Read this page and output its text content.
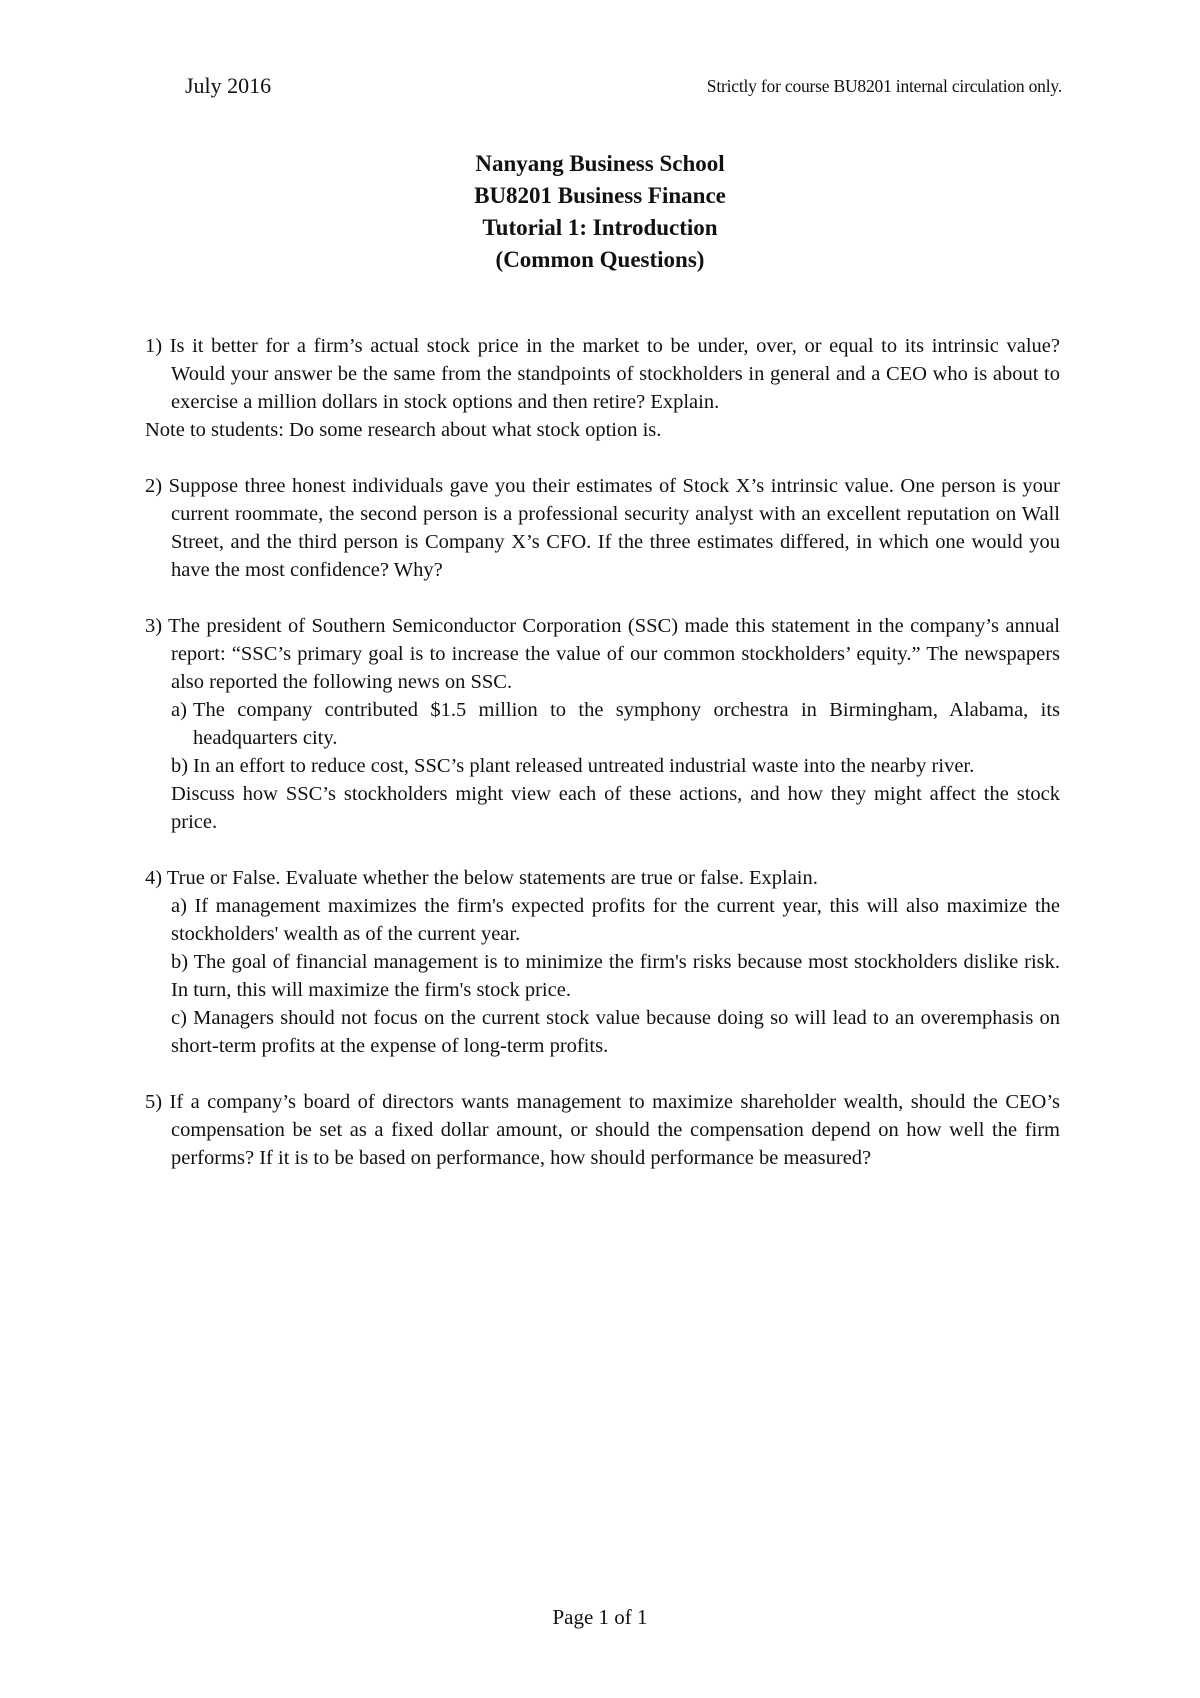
July 2016	Strictly for course BU8201 internal circulation only.
Nanyang Business School
BU8201 Business Finance
Tutorial 1: Introduction
(Common Questions)

1) Is it better for a firm’s actual stock price in the market to be under, over, or equal to its intrinsic value? Would your answer be the same from the standpoints of stockholders in general and a CEO who is about to exercise a million dollars in stock options and then retire? Explain.

Note to students: Do some research about what stock option is.

2) Suppose three honest individuals gave you their estimates of Stock X’s intrinsic value. One person is your current roommate, the second person is a professional security analyst with an excellent reputation on Wall Street, and the third person is Company X’s CFO. If the three estimates differed, in which one would you have the most confidence? Why?

3) The president of Southern Semiconductor Corporation (SSC) made this statement in the company’s annual report: “SSC’s primary goal is to increase the value of our common stockholders’ equity.” The newspapers also reported the following news on SSC.

a) The company contributed $1.5 million to the symphony orchestra in Birmingham, Alabama, its headquarters city.

b) In an effort to reduce cost, SSC’s plant released untreated industrial waste into the nearby river.

Discuss how SSC’s stockholders might view each of these actions, and how they might affect the stock price.

4) True or False. Evaluate whether the below statements are true or false. Explain.

a) If management maximizes the firm's expected profits for the current year, this will also maximize the stockholders' wealth as of the current year.

b) The goal of financial management is to minimize the firm's risks because most stockholders dislike risk. In turn, this will maximize the firm's stock price.

c) Managers should not focus on the current stock value because doing so will lead to an overemphasis on short-term profits at the expense of long-term profits.

5) If a company’s board of directors wants management to maximize shareholder wealth, should the CEO’s compensation be set as a fixed dollar amount, or should the compensation depend on how well the firm performs? If it is to be based on performance, how should performance be measured?

Page 1 of 1
